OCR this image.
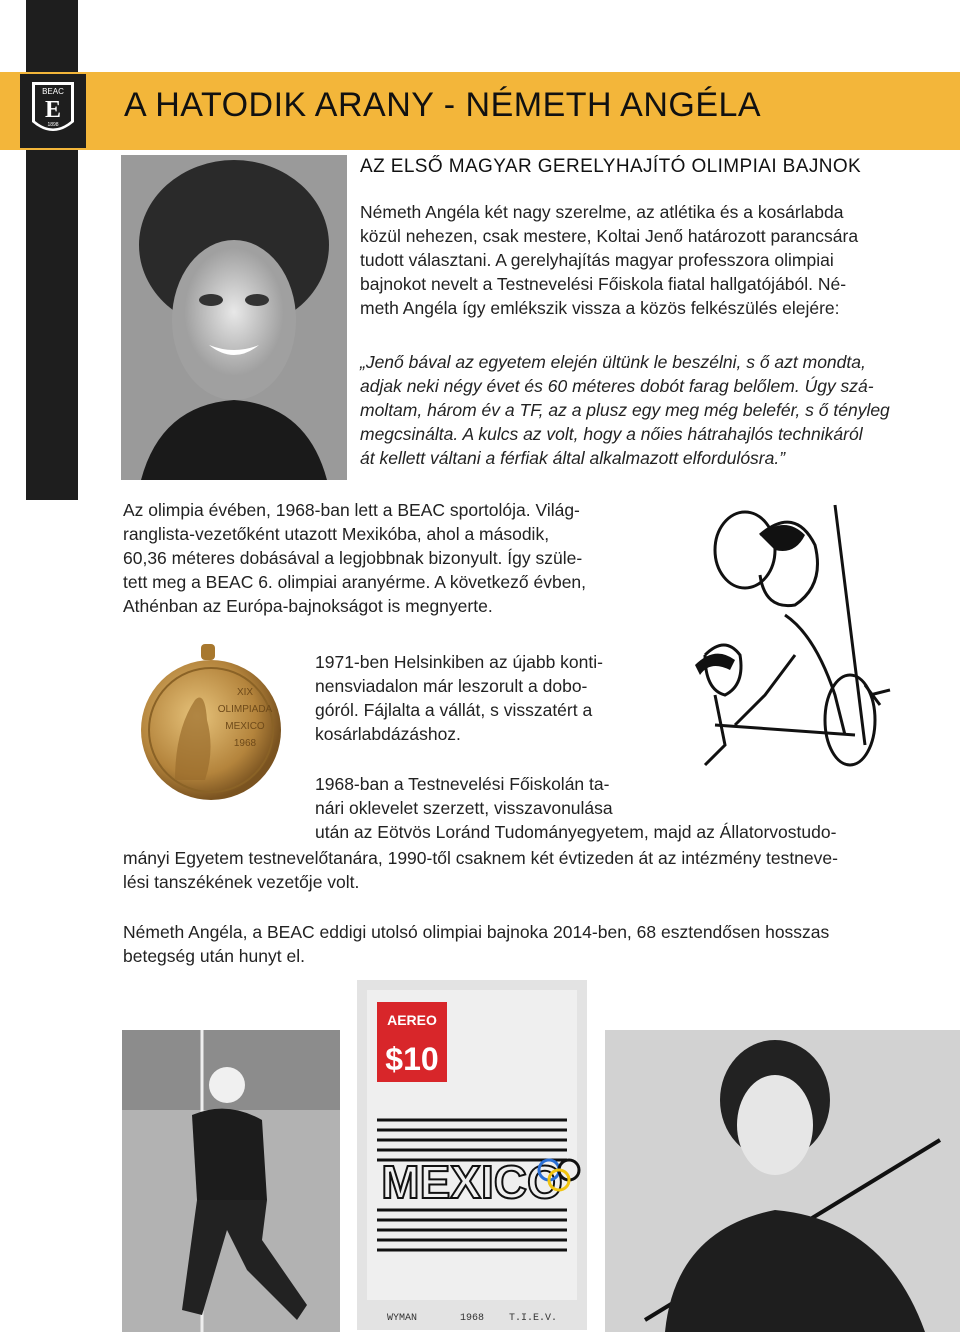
BEAC
E
1898
A HATODIK ARANY - NÉMETH ANGÉLA
AZ ELSŐ MAGYAR GERELYHAJÍTÓ OLIMPIAI BAJNOK
Németh Angéla két nagy szerelme, az atlétika és a kosárlabda
közül nehezen, csak mestere, Koltai Jenő határozott parancsára
tudott választani. A gerelyhajítás magyar professzora olimpiai
bajnokot nevelt a Testnevelési Főiskola fiatal hallgatójából. Né-
meth Angéla így emlékszik vissza a közös felkészülés elejére:
„Jenő bával az egyetem elején ültünk le beszélni, s ő azt mondta,
adjak neki négy évet és 60 méteres dobót farag belőlem. Úgy szá-
moltam, három év a TF, az a plusz egy meg még belefér, s ő tényleg
megcsinálta. A kulcs az volt, hogy a nőies hátrahajlós technikáról
át kellett váltani a férfiak által alkalmazott elfordulósra.”
Az olimpia évében, 1968-ban lett a BEAC sportolója. Világ-
ranglista-vezetőként utazott Mexikóba, ahol a második,
60,36 méteres dobásával a legjobbnak bizonyult. Így szüle-
tett meg a BEAC 6. olimpiai aranyérme. A következő évben,
Athénban az Európa-bajnokságot is megnyerte.
XIX
OLIMPIADA
MEXICO
1968
1971-ben Helsinkiben az újabb konti-
nensviadalon már leszorult a dobo-
góról. Fájlalta a vállát, s visszatért a
kosárlabdázáshoz.
1968-ban a Testnevelési Főiskolán ta-
nári oklevelet szerzett, visszavonulása
után az Eötvös Loránd Tudományegyetem, majd az Állatorvostudo-
mányi Egyetem testnevelőtanára, 1990-től csaknem két évtizeden át az intézmény testneve-
lési tanszékének vezetője volt.
Németh Angéla, a BEAC eddigi utolsó olimpiai bajnoka 2014-ben, 68 esztendősen hosszas
betegség után hunyt el.
MEXICO
AEREO
$10
WYMAN	1968 T.I.E.V.
